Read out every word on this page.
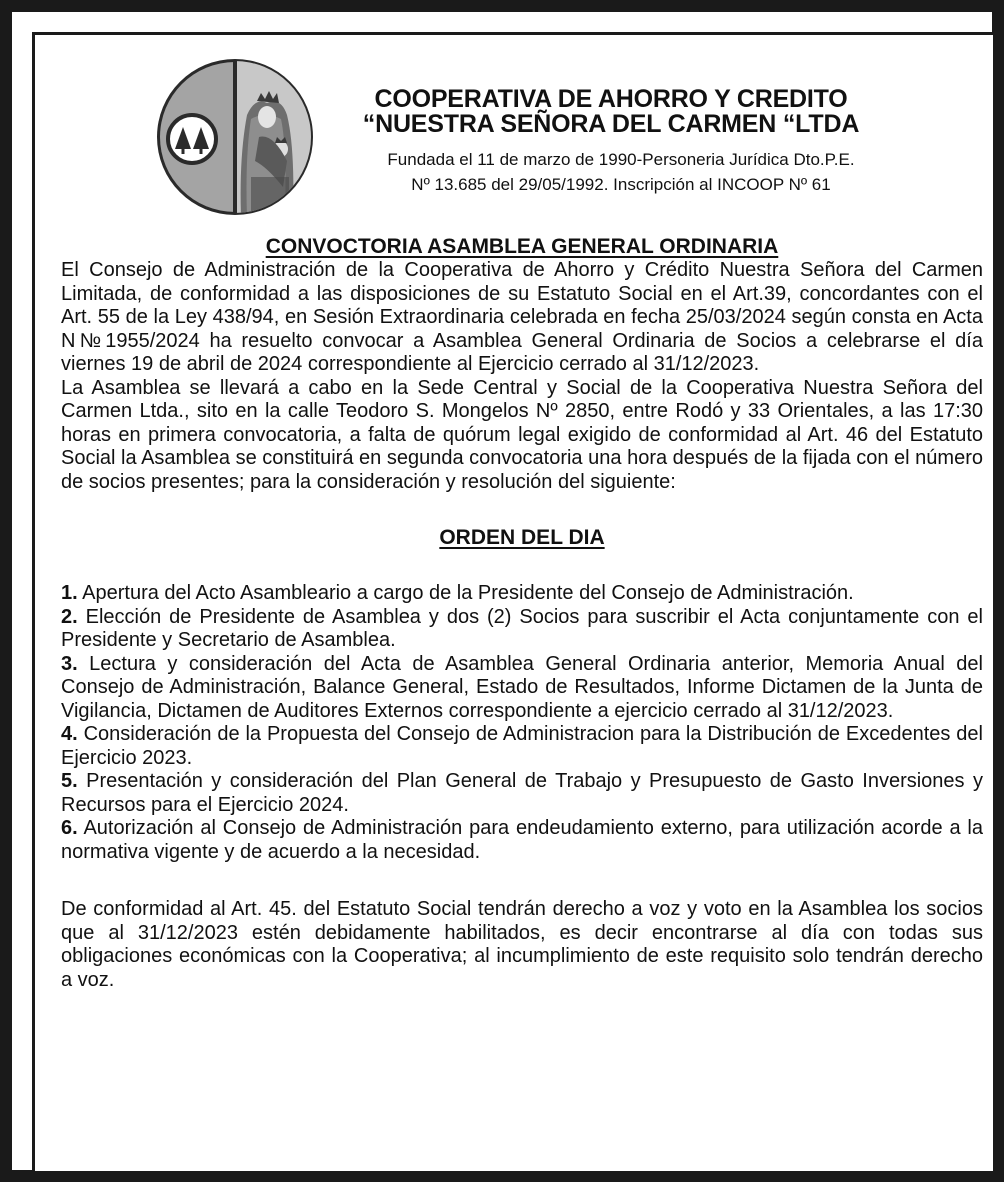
COOPERATIVA DE AHORRO Y CREDITO
“NUESTRA SEÑORA DEL CARMEN “LTDA
Fundada el 11 de marzo de 1990-Personeria Jurídica Dto.P.E.
Nº 13.685 del 29/05/1992. Inscripción al INCOOP Nº 61
CONVOCTORIA ASAMBLEA GENERAL ORDINARIA

El Consejo de Administración de la Cooperativa de Ahorro y Crédito Nuestra Señora del Carmen Limitada, de conformidad a las disposiciones de su Estatuto Social en el Art.39, concordantes con el Art. 55 de la Ley 438/94, en Sesión Extraordinaria celebrada en fecha 25/03/2024 según consta en Acta N№1955/2024 ha resuelto convocar a Asamblea General Ordinaria de Socios a celebrarse el día viernes 19 de abril de 2024 correspondiente al Ejercicio cerrado al 31/12/2023.

La Asamblea se llevará a cabo en la Sede Central y Social de la Cooperativa Nuestra Señora del Carmen Ltda., sito en la calle Teodoro S. Mongelos Nº 2850, entre Rodó y 33 Orientales, a las 17:30 horas en primera convocatoria, a falta de quórum legal exigido de conformidad al Art. 46 del Estatuto Social la Asamblea se constituirá en segunda convocatoria una hora después de la fijada con el número de socios presentes; para la consideración y resolución del siguiente:

ORDEN DEL DIA

1. Apertura del Acto Asambleario a cargo de la Presidente del Consejo de Administración.

2. Elección de Presidente de Asamblea y dos (2) Socios para suscribir el Acta conjuntamente con el Presidente y Secretario de Asamblea.

3. Lectura y consideración del Acta de Asamblea General Ordinaria anterior, Memoria Anual del Consejo de Administración, Balance General, Estado de Resultados, Informe Dictamen de la Junta de Vigilancia, Dictamen de Auditores Externos correspondiente a ejercicio cerrado al 31/12/2023.

4. Consideración de la Propuesta del Consejo de Administracion para la Distribución de Excedentes del Ejercicio 2023.

5. Presentación y consideración del Plan General de Trabajo y Presupuesto de Gasto Inversiones y Recursos para el Ejercicio 2024.

6. Autorización al Consejo de Administración para endeudamiento externo, para utilización acorde a la normativa vigente y de acuerdo a la necesidad.

De conformidad al Art. 45. del Estatuto Social tendrán derecho a voz y voto en la Asamblea los socios que al 31/12/2023 estén debidamente habilitados, es decir encontrarse al día con todas sus obligaciones económicas con la Cooperativa; al incumplimiento de este requisito solo tendrán derecho a voz.
